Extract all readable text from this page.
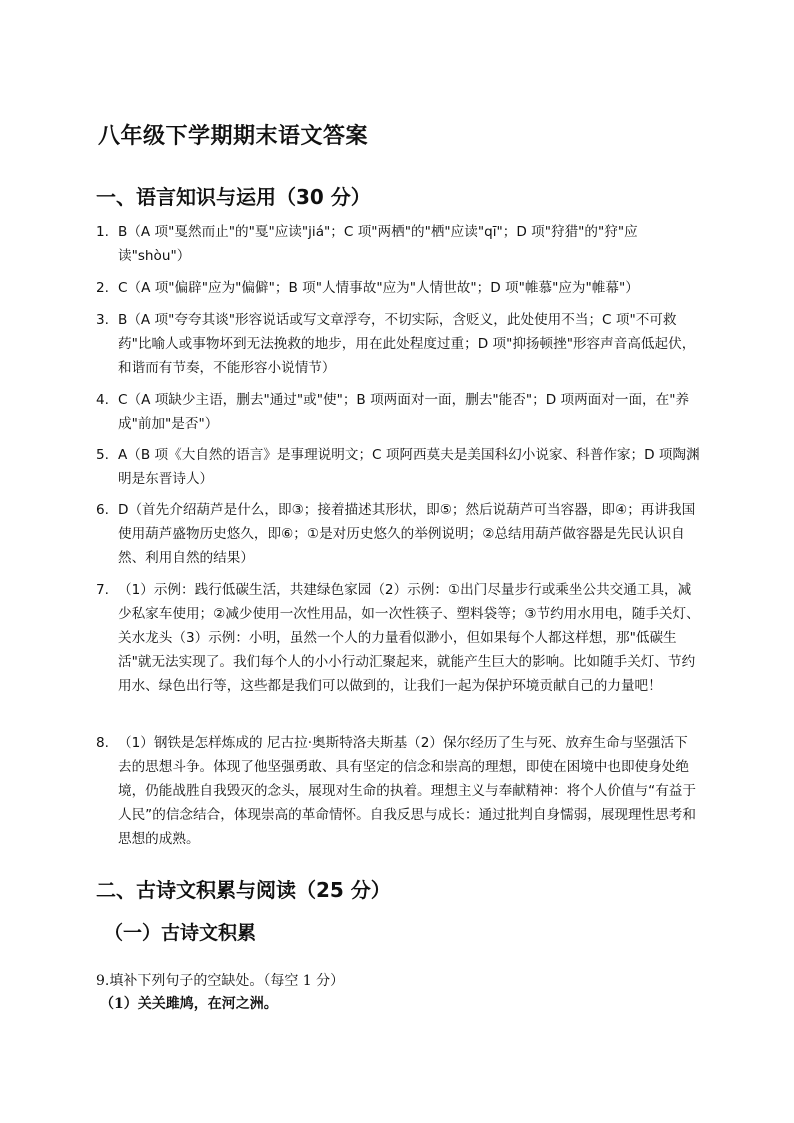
八年级下学期期末语文答案
一、语言知识与运用（30 分）
1. B（A 项"戛然而止"的"戛"应读"jiá"；C 项"两栖"的"栖"应读"qī"；D 项"狩猎"的"狩"应读"shòu"）
2. C（A 项"偏辟"应为"偏僻"；B 项"人情事故"应为"人情世故"；D 项"帷慕"应为"帷幕"）
3. B（A 项"夸夸其谈"形容说话或写文章浮夸，不切实际，含贬义，此处使用不当；C 项"不可救药"比喻人或事物坏到无法挽救的地步，用在此处程度过重；D 项"抑扬顿挫"形容声音高低起伏，和谐而有节奏，不能形容小说情节）
4. C（A 项缺少主语，删去"通过"或"使"；B 项两面对一面，删去"能否"；D 项两面对一面，在"养成"前加"是否"）
5. A（B 项《大自然的语言》是事理说明文；C 项阿西莫夫是美国科幻小说家、科普作家；D 项陶渊明是东晋诗人）
6. D（首先介绍葫芦是什么，即③；接着描述其形状，即⑤；然后说葫芦可当容器，即④；再讲我国使用葫芦盛物历史悠久，即⑥；①是对历史悠久的举例说明；②总结用葫芦做容器是先民认识自然、利用自然的结果）
7. （1）示例：践行低碳生活，共建绿色家园（2）示例：①出门尽量步行或乘坐公共交通工具，减少私家车使用；②减少使用一次性用品，如一次性筷子、塑料袋等；③节约用水用电，随手关灯、关水龙头（3）示例：小明，虽然一个人的力量看似渺小，但如果每个人都这样想，那"低碳生活"就无法实现了。我们每个人的小小行动汇聚起来，就能产生巨大的影响。比如随手关灯、节约用水、绿色出行等，这些都是我们可以做到的，让我们一起为保护环境贡献自己的力量吧！
8. （1）钢铁是怎样炼成的 尼古拉·奥斯特洛夫斯基（2）保尔经历了生与死、放弃生命与坚强活下去的思想斗争。体现了他坚强勇敢、具有坚定的信念和崇高的理想，即使在困境中也即使身处绝境，仍能战胜自我毁灭的念头，展现对生命的执着。理想主义与奉献精神：将个人价值与“有益于人民”的信念结合，体现崇高的革命情怀。自我反思与成长：通过批判自身懦弱，展现理性思考和思想的成熟。
二、古诗文积累与阅读（25 分）
（一）古诗文积累
9.填补下列句子的空缺处。（每空 1 分）
（1）关关雎鸠，在河之洲。
